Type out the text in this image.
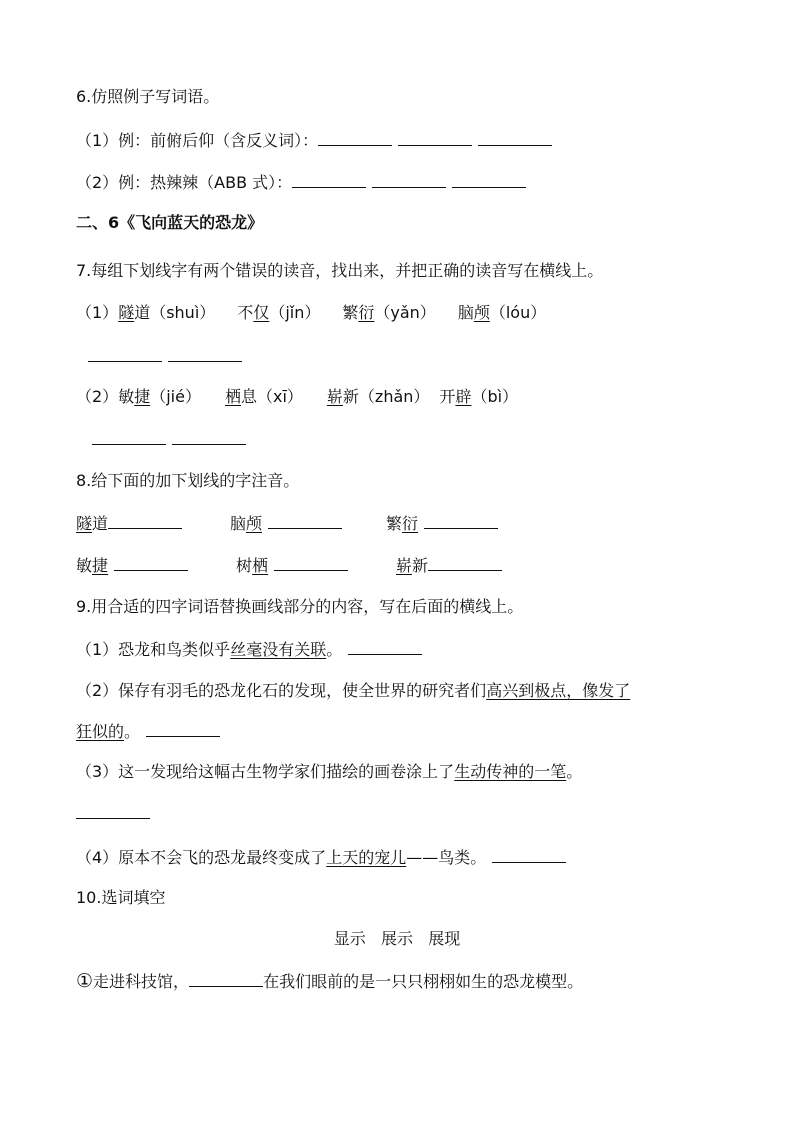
6.仿照例子写词语。
（1）例：前俯后仰（含反义词）：
（2）例：热辣辣（ABB 式）：
二、6《飞向蓝天的恐龙》
7.每组下划线字有两个错误的读音，找出来，并把正确的读音写在横线上。
（1）隧道（shuì） 不仅（jǐn） 繁衍（yǎn） 脑颅（lóu）
（2）敏捷（jié） 栖息（xī） 崭新（zhǎn） 开辟（bì）
8.给下面的加下划线的字注音。
隧道	脑颅	繁衍
敏捷	树栖	崭新
9.用合适的四字词语替换画线部分的内容，写在后面的横线上。
（1）恐龙和鸟类似乎丝毫没有关联。
（2）保存有羽毛的恐龙化石的发现，使全世界的研究者们高兴到极点，像发了
狂似的。
（3）这一发现给这幅古生物学家们描绘的画卷涂上了生动传神的一笔。
（4）原本不会飞的恐龙最终变成了上天的宠儿——鸟类。
10.选词填空
显示   展示   展现
①走进科技馆，	在我们眼前的是一只只栩栩如生的恐龙模型。
